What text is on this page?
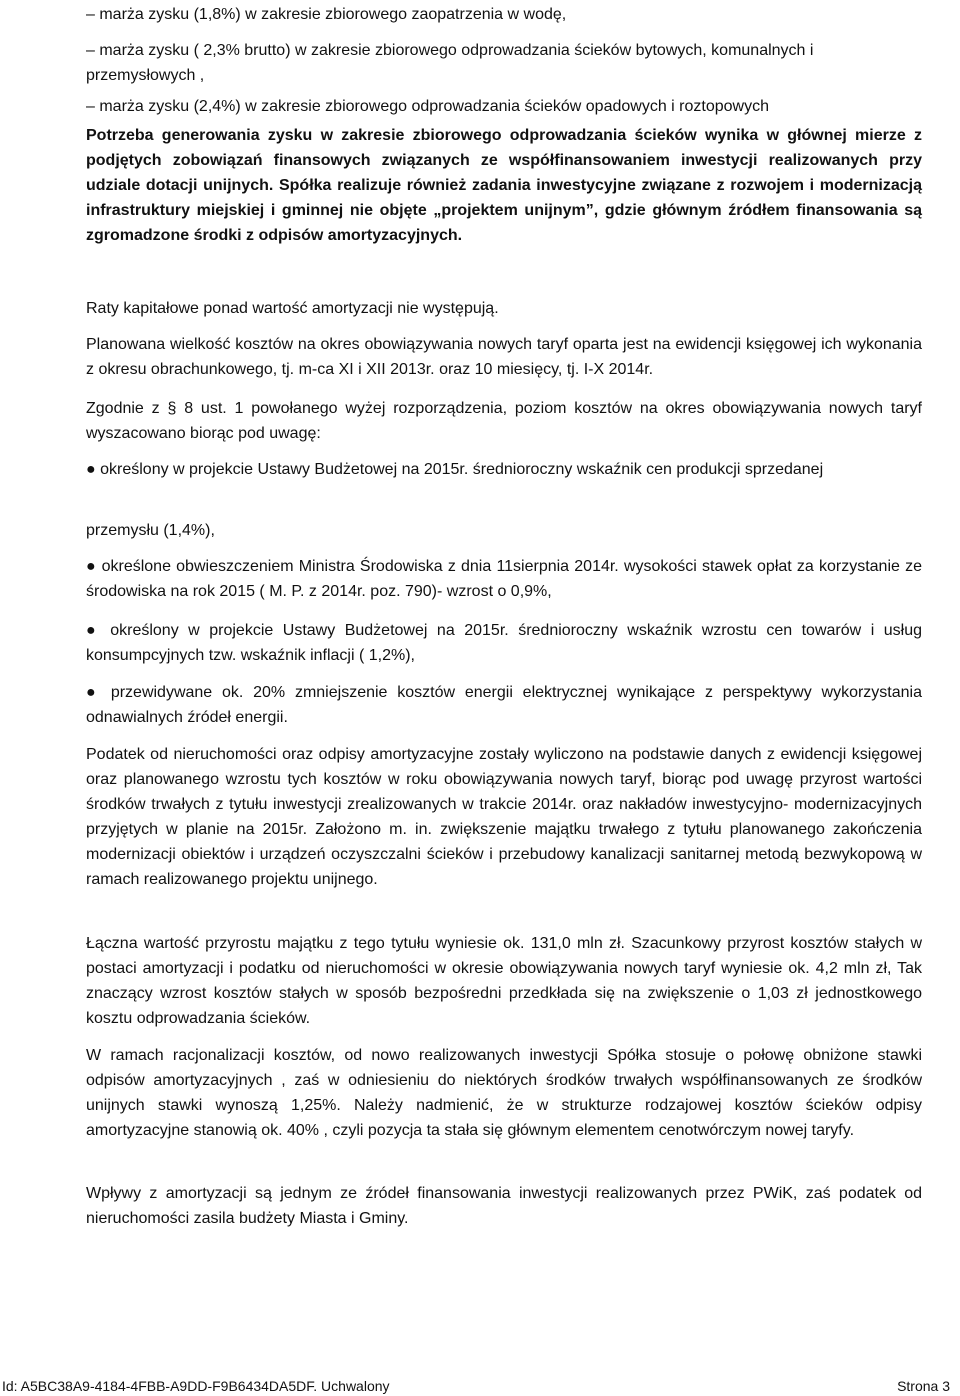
– marża zysku (1,8%) w zakresie zbiorowego zaopatrzenia w wodę,
– marża zysku ( 2,3% brutto) w zakresie zbiorowego odprowadzania ścieków bytowych, komunalnych i przemysłowych ,
– marża zysku (2,4%) w zakresie zbiorowego odprowadzania ścieków opadowych i roztopowych
Potrzeba generowania zysku w zakresie zbiorowego odprowadzania ścieków wynika w głównej mierze z podjętych zobowiązań finansowych związanych ze współfinansowaniem inwestycji realizowanych przy udziale dotacji unijnych. Spółka realizuje również zadania inwestycyjne związane z rozwojem i modernizacją infrastruktury miejskiej i gminnej nie objęte „projektem unijnym”, gdzie głównym źródłem finansowania są zgromadzone środki z odpisów amortyzacyjnych.
Raty kapitałowe ponad wartość amortyzacji nie występują.
Planowana wielkość kosztów na okres obowiązywania nowych taryf oparta jest na ewidencji księgowej ich wykonania z okresu obrachunkowego, tj. m-ca XI i XII 2013r. oraz 10 miesięcy, tj. I-X 2014r.
Zgodnie z § 8 ust. 1 powołanego wyżej rozporządzenia, poziom kosztów na okres obowiązywania nowych taryf wyszacowano biorąc pod uwagę:
● określony w projekcie Ustawy Budżetowej na 2015r. średnioroczny wskaźnik cen produkcji sprzedanej
przemysłu (1,4%),
● określone obwieszczeniem Ministra Środowiska z dnia 11sierpnia 2014r. wysokości stawek opłat za korzystanie ze środowiska na rok 2015 ( M. P. z 2014r. poz. 790)- wzrost o 0,9%,
● określony w projekcie Ustawy Budżetowej na 2015r. średnioroczny wskaźnik wzrostu cen towarów i usług konsumpcyjnych tzw. wskaźnik inflacji ( 1,2%),
● przewidywane ok. 20% zmniejszenie kosztów energii elektrycznej wynikające z perspektywy wykorzystania odnawialnych źródeł energii.
Podatek od nieruchomości oraz odpisy amortyzacyjne zostały wyliczono na podstawie danych z ewidencji księgowej oraz planowanego wzrostu tych kosztów w roku obowiązywania nowych taryf, biorąc pod uwagę przyrost wartości środków trwałych z tytułu inwestycji zrealizowanych w trakcie 2014r. oraz nakładów inwestycyjno- modernizacyjnych przyjętych w planie na 2015r. Założono m. in. zwiększenie majątku trwałego z tytułu planowanego zakończenia modernizacji obiektów i urządzeń oczyszczalni ścieków i przebudowy kanalizacji sanitarnej metodą bezwykopową w ramach realizowanego projektu unijnego.
Łączna wartość przyrostu majątku z tego tytułu wyniesie ok. 131,0 mln zł. Szacunkowy przyrost kosztów stałych w postaci amortyzacji i podatku od nieruchomości w okresie obowiązywania nowych taryf wyniesie ok. 4,2 mln zł, Tak znaczący wzrost kosztów stałych w sposób bezpośredni przedkłada się na zwiększenie o 1,03 zł jednostkowego kosztu odprowadzania ścieków.
W ramach racjonalizacji kosztów, od nowo realizowanych inwestycji Spółka stosuje o połowę obniżone stawki odpisów amortyzacyjnych , zaś w odniesieniu do niektórych środków trwałych współfinansowanych ze środków unijnych stawki wynoszą 1,25%. Należy nadmienić, że w strukturze rodzajowej kosztów ścieków odpisy amortyzacyjne stanowią ok. 40% , czyli pozycja ta stała się głównym elementem cenotwórczym nowej taryfy.
Wpływy z amortyzacji są jednym ze źródeł finansowania inwestycji realizowanych przez PWiK, zaś podatek od nieruchomości zasila budżety Miasta i Gminy.
Id: A5BC38A9-4184-4FBB-A9DD-F9B6434DA5DF. Uchwalony	Strona 3
